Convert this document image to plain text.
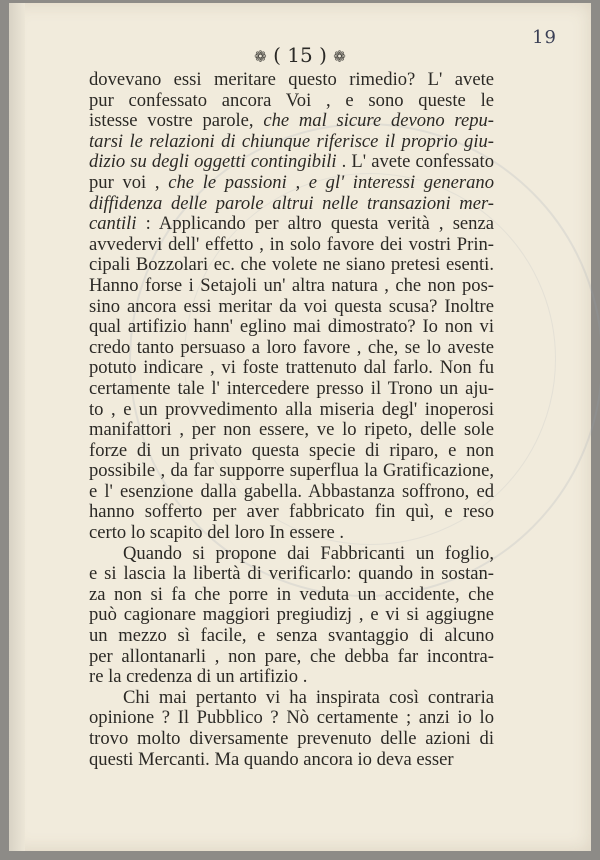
19
❁ ( 15 ) ❁
dovevano essi meritare questo rimedio? L' avete
pur confessato ancora Voi , e sono queste le
istesse vostre parole, che mal sicure devono repu-
tarsi le relazioni di chiunque riferisce il proprio giu-
dizio su degli oggetti contingibili . L' avete confessato
pur voi , che le passioni , e gl' interessi generano
diffidenza delle parole altrui nelle transazioni mer-
cantili : Applicando per altro questa verità , senza
avvedervi dell' effetto , in solo favore dei vostri Prin-
cipali Bozzolari ec. che volete ne siano pretesi esenti.
Hanno forse i Setajoli un' altra natura , che non pos-
sino ancora essi meritar da voi questa scusa? Inoltre
qual artifizio hann' eglino mai dimostrato? Io non vi
credo tanto persuaso a loro favore , che, se lo aveste
potuto indicare , vi foste trattenuto dal farlo. Non fu
certamente tale l' intercedere presso il Trono un aju-
to , e un provvedimento alla miseria degl' inoperosi
manifattori , per non essere, ve lo ripeto, delle sole
forze di un privato questa specie di riparo, e non
possibile , da far supporre superflua la Gratificazione,
e l' esenzione dalla gabella. Abbastanza soffrono, ed
hanno sofferto per aver fabbricato fin quì, e reso
certo lo scapito del loro In essere .
Quando si propone dai Fabbricanti un foglio,
e si lascia la libertà di verificarlo: quando in sostan-
za non si fa che porre in veduta un accidente, che
può cagionare maggiori pregiudizj , e vi si aggiugne
un mezzo sì facile, e senza svantaggio di alcuno
per allontanarli , non pare, che debba far incontra-
re la credenza di un artifizio .
Chi mai pertanto vi ha inspirata così contraria
opinione ? Il Pubblico ? Nò certamente ; anzi io lo
trovo molto diversamente prevenuto delle azioni di
questi Mercanti. Ma quando ancora io deva esser
